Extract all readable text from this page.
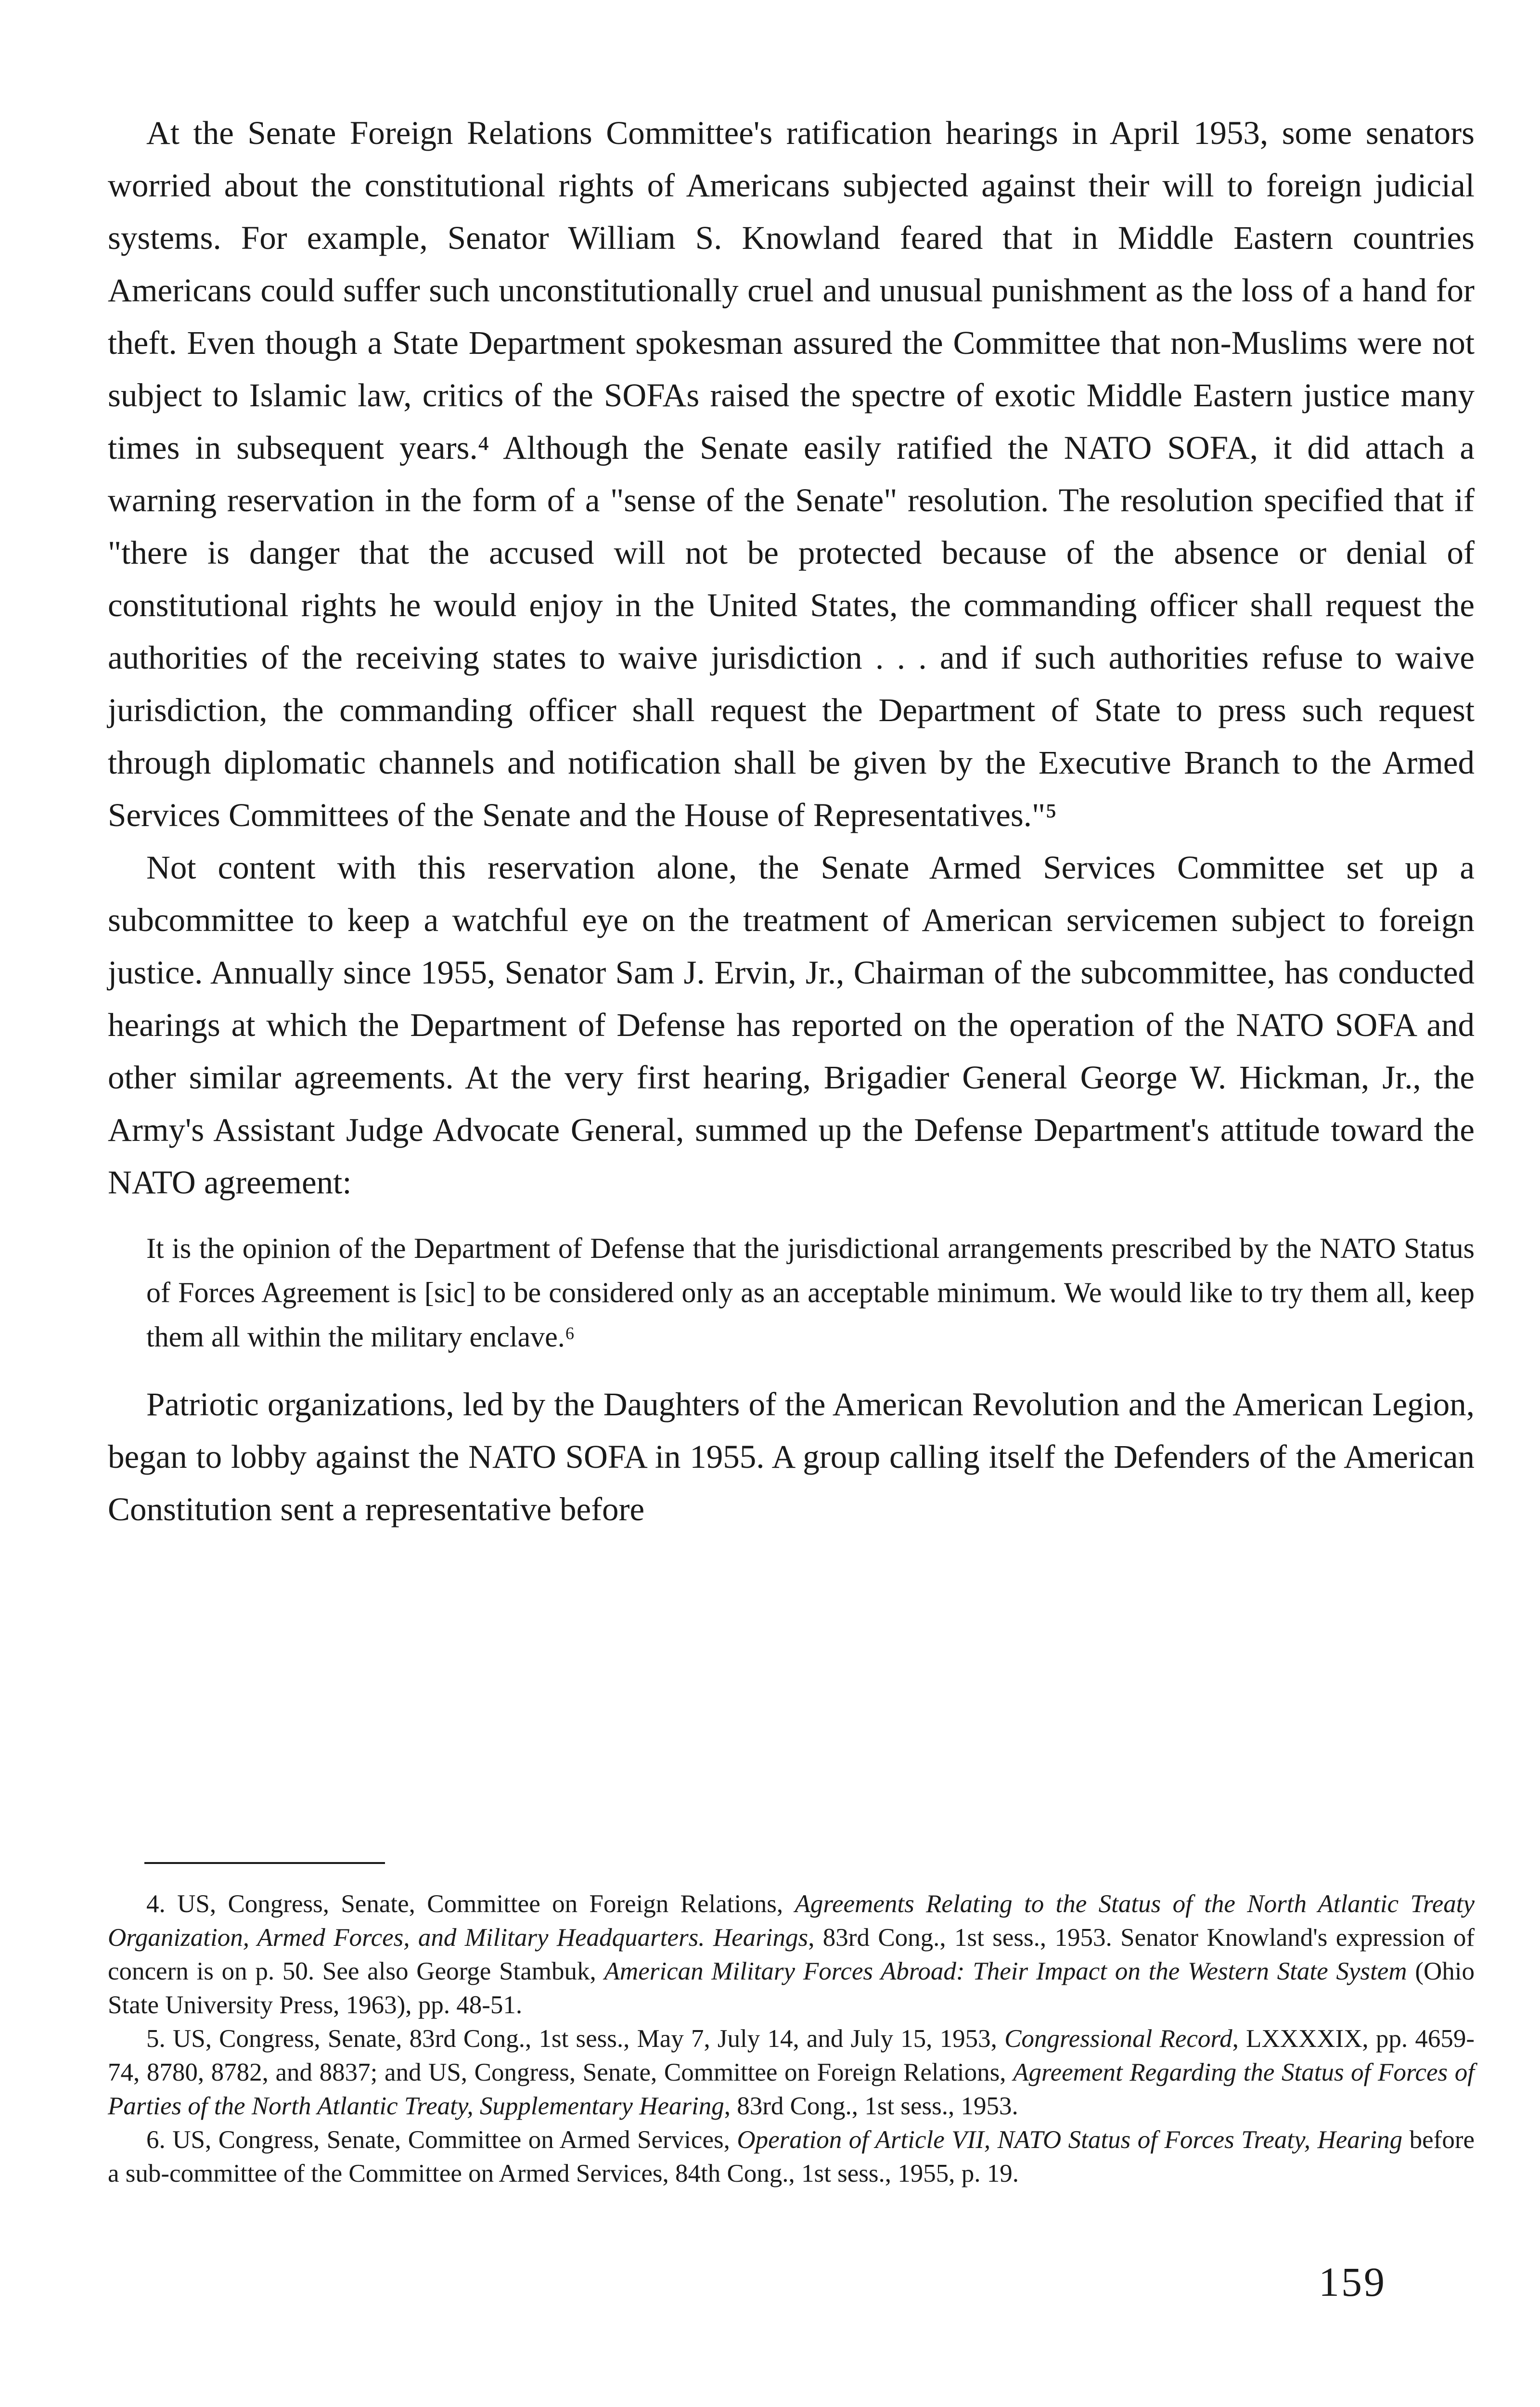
At the Senate Foreign Relations Committee's ratification hearings in April 1953, some senators worried about the constitutional rights of Americans subjected against their will to foreign judicial systems. For example, Senator William S. Knowland feared that in Middle Eastern countries Americans could suffer such unconstitutionally cruel and unusual punishment as the loss of a hand for theft. Even though a State Department spokesman assured the Committee that non-Muslims were not subject to Islamic law, critics of the SOFAs raised the spectre of exotic Middle Eastern justice many times in subsequent years.⁴ Although the Senate easily ratified the NATO SOFA, it did attach a warning reservation in the form of a "sense of the Senate" resolution. The resolution specified that if "there is danger that the accused will not be protected because of the absence or denial of constitutional rights he would enjoy in the United States, the commanding officer shall request the authorities of the receiving states to waive jurisdiction . . . and if such authorities refuse to waive jurisdiction, the commanding officer shall request the Department of State to press such request through diplomatic channels and notification shall be given by the Executive Branch to the Armed Services Committees of the Senate and the House of Representatives."⁵

Not content with this reservation alone, the Senate Armed Services Committee set up a subcommittee to keep a watchful eye on the treatment of American servicemen subject to foreign justice. Annually since 1955, Senator Sam J. Ervin, Jr., Chairman of the subcommittee, has conducted hearings at which the Department of Defense has reported on the operation of the NATO SOFA and other similar agreements. At the very first hearing, Brigadier General George W. Hickman, Jr., the Army's Assistant Judge Advocate General, summed up the Defense Department's attitude toward the NATO agreement:

It is the opinion of the Department of Defense that the jurisdictional arrangements prescribed by the NATO Status of Forces Agreement is [sic] to be considered only as an acceptable minimum. We would like to try them all, keep them all within the military enclave.⁶

Patriotic organizations, led by the Daughters of the American Revolution and the American Legion, began to lobby against the NATO SOFA in 1955. A group calling itself the Defenders of the American Constitution sent a representative before

4. US, Congress, Senate, Committee on Foreign Relations, Agreements Relating to the Status of the North Atlantic Treaty Organization, Armed Forces, and Military Headquarters. Hearings, 83rd Cong., 1st sess., 1953. Senator Knowland's expression of concern is on p. 50. See also George Stambuk, American Military Forces Abroad: Their Impact on the Western State System (Ohio State University Press, 1963), pp. 48-51.

5. US, Congress, Senate, 83rd Cong., 1st sess., May 7, July 14, and July 15, 1953, Congressional Record, LXXXXIX, pp. 4659-74, 8780, 8782, and 8837; and US, Congress, Senate, Committee on Foreign Relations, Agreement Regarding the Status of Forces of Parties of the North Atlantic Treaty, Supplementary Hearing, 83rd Cong., 1st sess., 1953.

6. US, Congress, Senate, Committee on Armed Services, Operation of Article VII, NATO Status of Forces Treaty, Hearing before a sub-committee of the Committee on Armed Services, 84th Cong., 1st sess., 1955, p. 19.

159
